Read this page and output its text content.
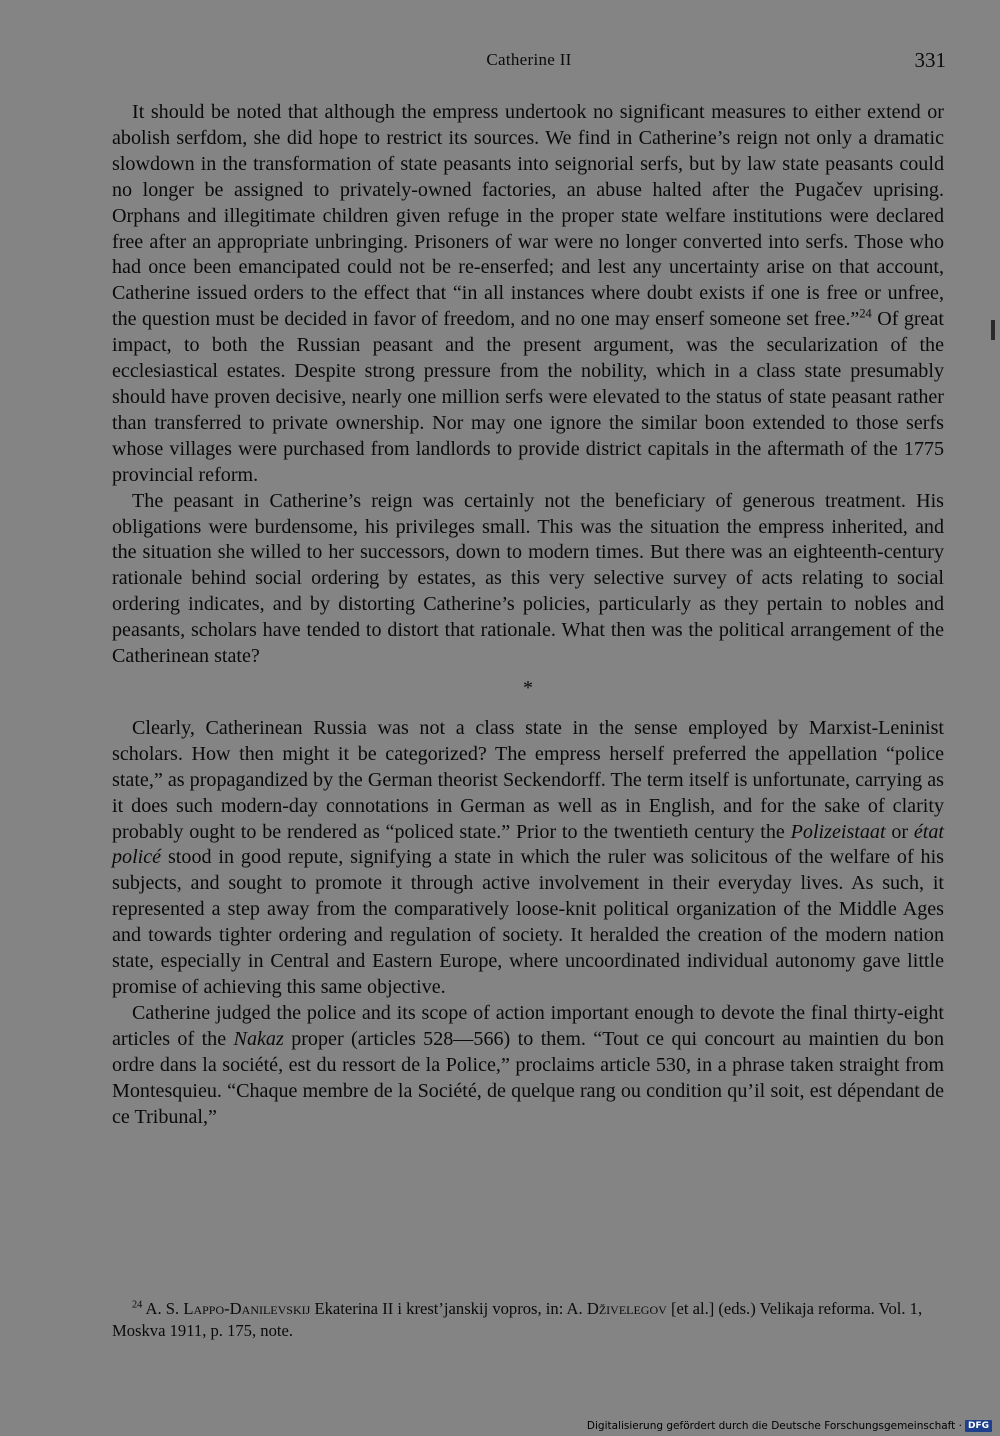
Catherine II	331

It should be noted that although the empress undertook no significant measures to either extend or abolish serfdom, she did hope to restrict its sources. We find in Catherine’s reign not only a dramatic slowdown in the transformation of state peasants into seignorial serfs, but by law state peasants could no longer be assigned to privately-owned factories, an abuse halted after the Pugačev uprising. Orphans and illegitimate children given refuge in the proper state welfare institutions were declared free after an appropriate unbringing. Prisoners of war were no longer converted into serfs. Those who had once been emancipated could not be re-enserfed; and lest any uncertainty arise on that account, Catherine issued orders to the effect that “in all instances where doubt exists if one is free or unfree, the question must be decided in favor of freedom, and no one may enserf someone set free.”$^{24}$ Of great impact, to both the Russian peasant and the present argument, was the secularization of the ecclesiastical estates. Despite strong pressure from the nobility, which in a class state presumably should have proven decisive, nearly one million serfs were elevated to the status of state peasant rather than transferred to private ownership. Nor may one ignore the similar boon extended to those serfs whose villages were purchased from landlords to provide district capitals in the aftermath of the 1775 provincial reform.

The peasant in Catherine’s reign was certainly not the beneficiary of generous treatment. His obligations were burdensome, his privileges small. This was the situation the empress inherited, and the situation she willed to her successors, down to modern times. But there was an eighteenth-century rationale behind social ordering by estates, as this very selective survey of acts relating to social ordering indicates, and by distorting Catherine’s policies, particularly as they pertain to nobles and peasants, scholars have tended to distort that rationale. What then was the political arrangement of the Catherinean state?

*

Clearly, Catherinean Russia was not a class state in the sense employed by Marxist-Leninist scholars. How then might it be categorized? The empress herself preferred the appellation “police state,” as propagandized by the German theorist Seckendorff. The term itself is unfortunate, carrying as it does such modern-day connotations in German as well as in English, and for the sake of clarity probably ought to be rendered as “policed state.” Prior to the twentieth century the Polizeistaat or état policé stood in good repute, signifying a state in which the ruler was solicitous of the welfare of his subjects, and sought to promote it through active involvement in their everyday lives. As such, it represented a step away from the comparatively loose-knit political organization of the Middle Ages and towards tighter ordering and regulation of society. It heralded the creation of the modern nation state, especially in Central and Eastern Europe, where uncoordinated individual autonomy gave little promise of achieving this same objective.

Catherine judged the police and its scope of action important enough to devote the final thirty-eight articles of the Nakaz proper (articles 528—566) to them. “Tout ce qui concourt au maintien du bon ordre dans la société, est du ressort de la Police,” proclaims article 530, in a phrase taken straight from Montesquieu. “Chaque membre de la Société, de quelque rang ou condition qu’il soit, est dépendant de ce Tribunal,”

$^{24}$ A. S. Lappo-Danilevskij Ekaterina II i krest’janskij vopros, in: A. Dživelegov [et al.] (eds.) Velikaja reforma. Vol. 1, Moskva 1911, p. 175, note.

Digitalisierung gefördert durch die Deutsche Forschungsgemeinschaft · DFG
